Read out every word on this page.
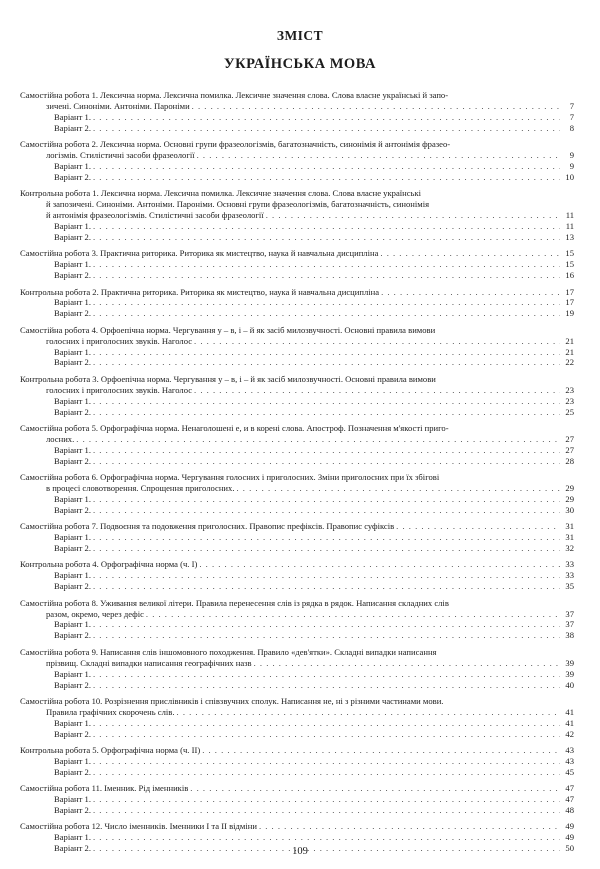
ЗМІСТ
УКРАЇНСЬКА МОВА
Самостійна робота 1. Лексична норма. Лексична помилка. Лексичне значення слова. Слова власне українські й запо-
зичені. Синоніми. Антоніми. Пароніми . . .	7
Варіант 1. . . .	7
Варіант 2. . . .	8
Самостійна робота 2. Лексична норма. Основні групи фразеологізмів, багатозначність, синонімія й антонімія фразео-
логізмів. Стилістичні засоби фразеології . . .	9
Варіант 1. . . .	9
Варіант 2. . . .	10
Контрольна робота 1. Лексична норма. Лексична помилка. Лексичне значення слова. Слова власне українські
й запозичені. Синоніми. Антоніми. Пароніми. Основні групи фразеологізмів, багатозначність, синонімія
й антонімія фразеологізмів. Стилістичні засоби фразеології . . .	11
Варіант 1. . . .	11
Варіант 2. . . .	13
Самостійна робота 3. Практична риторика. Риторика як мистецтво, наука й навчальна дисципліна . . .	15
Варіант 1. . . .	15
Варіант 2. . . .	16
Контрольна робота 2. Практична риторика. Риторика як мистецтво, наука й навчальна дисципліна . . .	17
Варіант 1. . . .	17
Варіант 2. . . .	19
Самостійна робота 4. Орфоепічна норма. Чергування у – в, і – й як засіб милозвучності. Основні правила вимови
голосних і приголосних звуків. Наголос . . .	21
Варіант 1. . . .	21
Варіант 2. . . .	22
Контрольна робота 3. Орфоепічна норма. Чергування у – в, і – й як засіб милозвучності. Основні правила вимови
голосних і приголосних звуків. Наголос . . .	23
Варіант 1. . . .	23
Варіант 2. . . .	25
Самостійна робота 5. Орфографічна норма. Ненаголошені е, и в корені слова. Апостроф. Позначення м'якості приго-
лосних. . . .	27
Варіант 1. . . .	27
Варіант 2. . . .	28
Самостійна робота 6. Орфографічна норма. Чергування голосних і приголосних. Зміни приголосних при їх збігові
в процесі словотворення. Спрощення приголосних. . . .	29
Варіант 1. . . .	29
Варіант 2. . . .	30
Самостійна робота 7. Подвоєння та подовження приголосних. Правопис префіксів. Правопис суфіксів . . .	31
Варіант 1. . . .	31
Варіант 2. . . .	32
Контрольна робота 4. Орфографічна норма (ч. І) . . .	33
Варіант 1. . . .	33
Варіант 2. . . .	35
Самостійна робота 8. Уживання великої літери. Правила перенесення слів із рядка в рядок. Написання складних слів
разом, окремо, через дефіс . . .	37
Варіант 1. . . .	37
Варіант 2. . . .	38
Самостійна робота 9. Написання слів іншомовного походження. Правило «дев'ятки». Складні випадки написання
прізвищ. Складні випадки написання географічних назв . . .	39
Варіант 1. . . .	39
Варіант 2. . . .	40
Самостійна робота 10. Розрізнення прислівників і співзвучних сполук. Написання не, ні з різними частинами мови.
Правила графічних скорочень слів. . . .	41
Варіант 1. . . .	41
Варіант 2. . . .	42
Контрольна робота 5. Орфографічна норма (ч. ІІ) . . .	43
Варіант 1. . . .	43
Варіант 2. . . .	45
Самостійна робота 11. Іменник. Рід іменників . . .	47
Варіант 1. . . .	47
Варіант 2. . . .	48
Самостійна робота 12. Число іменників. Іменники І та ІІ відміни . . .	49
Варіант 1. . . .	49
Варіант 2. . . .	50
109
